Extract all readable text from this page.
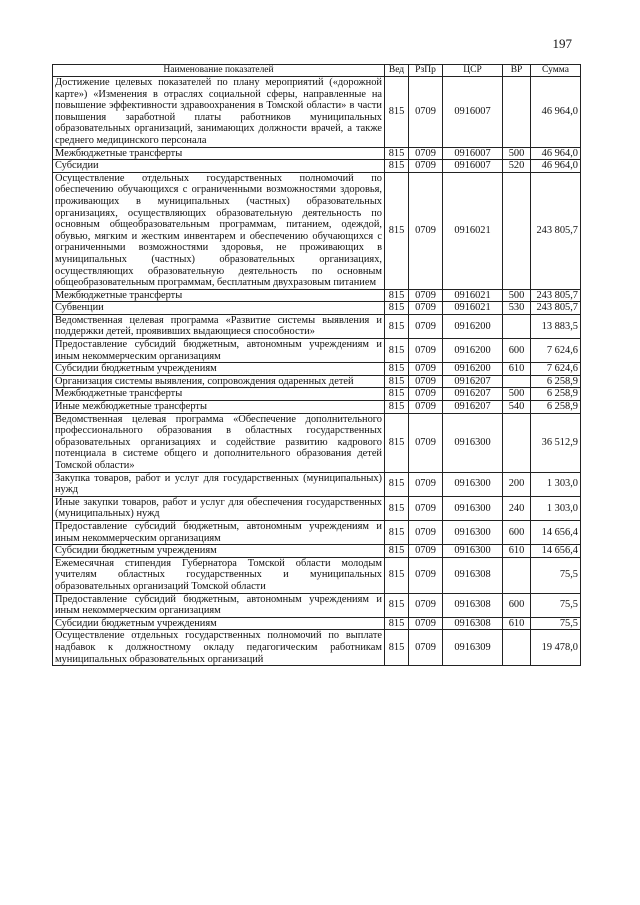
197
Наименование показателей	Вед	РзПр	ЦСР	ВР	Сумма
Достижение целевых показателей по плану мероприятий («дорожной карте») «Изменения в отраслях социальной сферы, направленные на повышение эффективности здравоохранения в Томской области» в части повышения заработной платы работников муниципальных образовательных организаций, занимающих должности врачей, а также среднего медицинского персонала	815	0709	0916007		46 964,0
Межбюджетные трансферты	815	0709	0916007	500	46 964,0
Субсидии	815	0709	0916007	520	46 964,0
Осуществление отдельных государственных полномочий по обеспечению обучающихся с ограниченными возможностями здоровья, проживающих в муниципальных (частных) образовательных организациях, осуществляющих образовательную деятельность по основным общеобразовательным программам, питанием, одеждой, обувью, мягким и жестким инвентарем и обеспечению обучающихся с ограниченными возможностями здоровья, не проживающих в муниципальных (частных) образовательных организациях, осуществляющих образовательную деятельность по основным общеобразовательным программам, бесплатным двухразовым питанием	815	0709	0916021		243 805,7
Межбюджетные трансферты	815	0709	0916021	500	243 805,7
Субвенции	815	0709	0916021	530	243 805,7
Ведомственная целевая программа «Развитие системы выявления и поддержки детей, проявивших выдающиеся способности»	815	0709	0916200		13 883,5
Предоставление субсидий бюджетным, автономным учреждениям и иным некоммерческим организациям	815	0709	0916200	600	7 624,6
Субсидии бюджетным учреждениям	815	0709	0916200	610	7 624,6
Организация системы выявления, сопровождения одаренных детей	815	0709	0916207		6 258,9
Межбюджетные трансферты	815	0709	0916207	500	6 258,9
Иные межбюджетные трансферты	815	0709	0916207	540	6 258,9
Ведомственная целевая программа «Обеспечение дополнительного профессионального образования в областных государственных образовательных организациях и содействие развитию кадрового потенциала в системе общего и дополнительного образования детей Томской области»	815	0709	0916300		36 512,9
Закупка товаров, работ и услуг для государственных (муниципальных) нужд	815	0709	0916300	200	1 303,0
Иные закупки товаров, работ и услуг для обеспечения государственных (муниципальных) нужд	815	0709	0916300	240	1 303,0
Предоставление субсидий бюджетным, автономным учреждениям и иным некоммерческим организациям	815	0709	0916300	600	14 656,4
Субсидии бюджетным учреждениям	815	0709	0916300	610	14 656,4
Ежемесячная стипендия Губернатора Томской области молодым учителям областных государственных и муниципальных образовательных организаций Томской области	815	0709	0916308		75,5
Предоставление субсидий бюджетным, автономным учреждениям и иным некоммерческим организациям	815	0709	0916308	600	75,5
Субсидии бюджетным учреждениям	815	0709	0916308	610	75,5
Осуществление отдельных государственных полномочий по выплате надбавок к должностному окладу педагогическим работникам муниципальных образовательных организаций	815	0709	0916309		19 478,0
